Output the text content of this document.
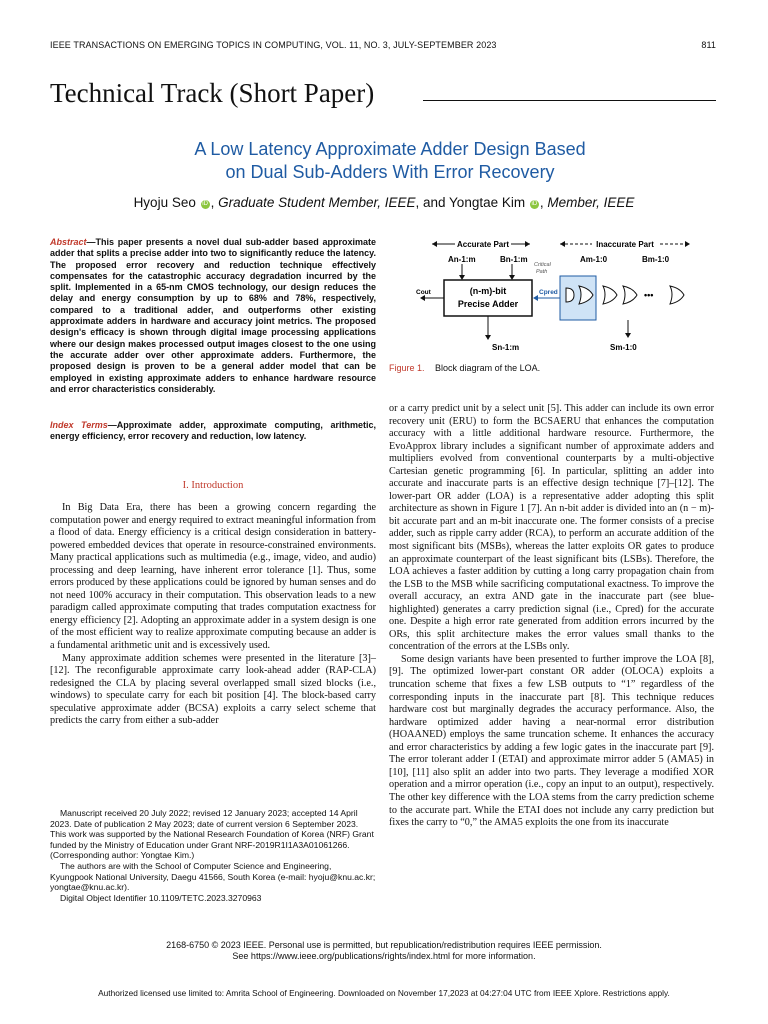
IEEE TRANSACTIONS ON EMERGING TOPICS IN COMPUTING, VOL. 11, NO. 3, JULY-SEPTEMBER 2023	811
Technical Track (Short Paper)
A Low Latency Approximate Adder Design Based
on Dual Sub-Adders With Error Recovery
Hyoju Seo iD , Graduate Student Member, IEEE, and Yongtae Kim iD , Member, IEEE
Abstract—This paper presents a novel dual sub-adder based approximate adder that splits a precise adder into two to significantly reduce the latency. The proposed error recovery and reduction technique effectively compensates for the catastrophic accuracy degradation incurred by the split. Implemented in a 65-nm CMOS technology, our design reduces the delay and energy consumption by up to 68% and 78%, respectively, compared to a traditional adder, and outperforms other existing approximate adders in hardware and accuracy joint metrics. The proposed design's efficacy is shown through digital image processing applications where our design makes processed output images closest to the one using the accurate adder over other approximate adders. Furthermore, the proposed design is proven to be a general adder model that can be employed in existing approximate adders to enhance hardware resource and error characteristics considerably.
Index Terms—Approximate adder, approximate computing, arithmetic, energy efficiency, error recovery and reduction, low latency.
I. Introduction

In Big Data Era, there has been a growing concern regarding the computation power and energy required to extract meaningful information from a flood of data. Energy efficiency is a critical design consideration in battery-powered embedded devices that operate in resource-constrained environments. Many practical applications such as multimedia (e.g., image, video, and audio) processing and deep learning, have inherent error tolerance [1]. Thus, some errors produced by these applications could be ignored by human senses and do not need 100% accuracy in their computation. This observation leads to a new paradigm called approximate computing that trades computation exactness for energy efficiency [2]. Adopting an approximate adder in a system design is one of the most efficient way to realize approximate computing because an adder is a fundamental arithmetic unit and is excessively used.

Many approximate addition schemes were presented in the literature [3]–[12]. The reconfigurable approximate carry look-ahead adder (RAP-CLA) redesigned the CLA by placing several overlapped small sized blocks (i.e., windows) to speculate carry for each bit position [4]. The block-based carry speculative approximate adder (BCSA) exploits a carry select scheme that predicts the carry from either a sub-adder

Manuscript received 20 July 2022; revised 12 January 2023; accepted 14 April 2023. Date of publication 2 May 2023; date of current version 6 September 2023. This work was supported by the National Research Foundation of Korea (NRF) Grant funded by the Ministry of Education under Grant NRF-2019R1I1A3A01061266. (Corresponding author: Yongtae Kim.)

The authors are with the School of Computer Science and Engineering, Kyungpook National University, Daegu 41566, South Korea (e-mail: hyoju@knu.ac.kr; yongtae@knu.ac.kr).

Digital Object Identifier 10.1109/TETC.2023.3270963

Accurate Part	Inaccurate Part
An-1:m	Bn-1:m	Am-1:0	Bm-1:0
Critical
Path
(n-m)-bit
Precise Adder
Cout	Cpred	•••
Sn-1:m	Sm-1:0
Figure 1. Block diagram of the LOA.

or a carry predict unit by a select unit [5]. This adder can include its own error recovery unit (ERU) to form the BCSAERU that enhances the computation accuracy with a little additional hardware resource. Furthermore, the EvoApprox library includes a significant number of approximate adders and multipliers evolved from conventional counterparts by a multi-objective Cartesian genetic programming [6]. In particular, splitting an adder into accurate and inaccurate parts is an effective design technique [7]–[12]. The lower-part OR adder (LOA) is a representative adder adopting this split architecture as shown in Figure 1 [7]. An n-bit adder is divided into an (n − m)-bit accurate part and an m-bit inaccurate one. The former consists of a precise adder, such as ripple carry adder (RCA), to perform an accurate addition of the most significant bits (MSBs), whereas the latter exploits OR gates to produce an approximate counterpart of the least significant bits (LSBs). Therefore, the LOA achieves a faster addition by cutting a long carry propagation chain from the LSB to the MSB while sacrificing computational exactness. To improve the overall accuracy, an extra AND gate in the inaccurate part (see blue-highlighted) generates a carry prediction signal (i.e., Cpred) for the accurate one. Despite a high error rate generated from addition errors incurred by the ORs, this split architecture makes the error values small thanks to the concentration of the errors at the LSBs only.

Some design variants have been presented to further improve the LOA [8], [9]. The optimized lower-part constant OR adder (OLOCA) exploits a truncation scheme that fixes a few LSB outputs to “1” regardless of the corresponding inputs in the inaccurate part [8]. This technique reduces hardware cost but marginally degrades the accuracy performance. Also, the hardware optimized adder having a near-normal error distribution (HOAANED) employs the same truncation scheme. It enhances the accuracy and error characteristics by adding a few logic gates in the inaccurate part [9]. The error tolerant adder I (ETAI) and approximate mirror adder 5 (AMA5) in [10], [11] also split an adder into two parts. They leverage a modified XOR operation and a mirror operation (i.e., copy an input to an output), respectively. The other key difference with the LOA stems from the carry prediction scheme to the accurate part. While the ETAI does not include any carry prediction but fixes the carry to “0,” the AMA5 exploits the one from its inaccurate

2168-6750 © 2023 IEEE. Personal use is permitted, but republication/redistribution requires IEEE permission.
See https://www.ieee.org/publications/rights/index.html for more information.
Authorized licensed use limited to: Amrita School of Engineering. Downloaded on November 17,2023 at 04:27:04 UTC from IEEE Xplore. Restrictions apply.
